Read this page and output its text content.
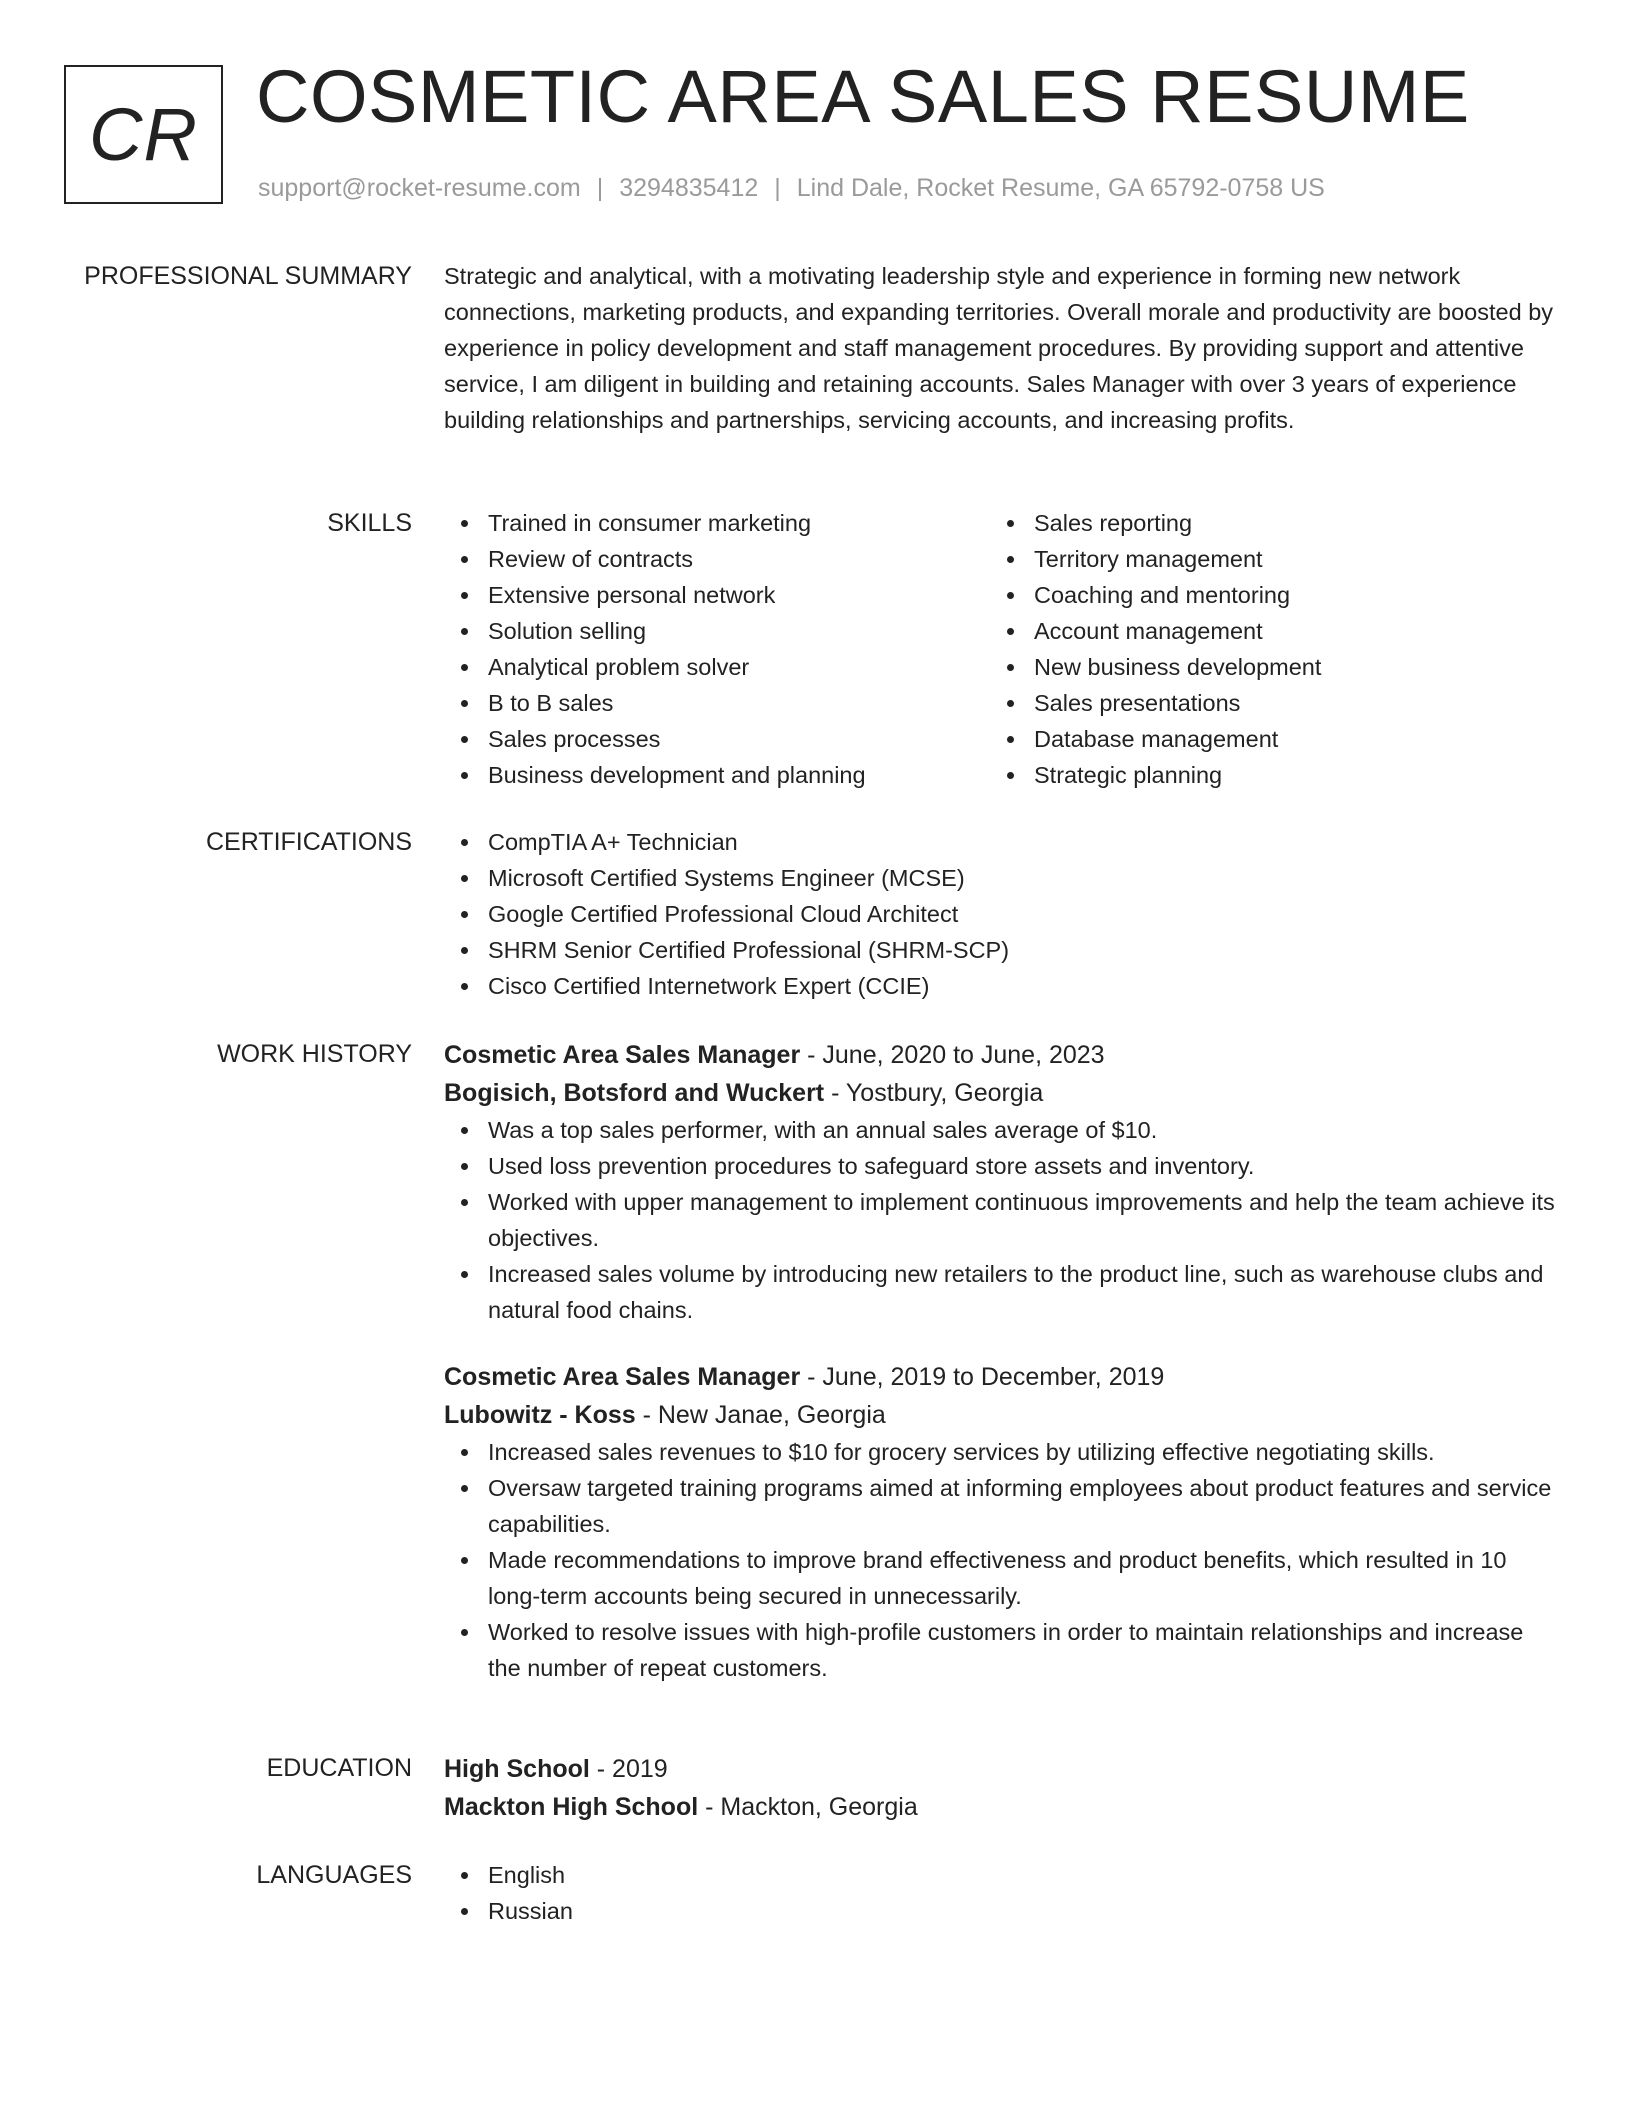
CR COSMETIC AREA SALES RESUME
support@rocket-resume.com | 3294835412 | Lind Dale, Rocket Resume, GA 65792-0758 US
PROFESSIONAL SUMMARY Strategic and analytical, with a motivating leadership style and experience in forming new network connections, marketing products, and expanding territories. Overall morale and productivity are boosted by experience in policy development and staff management procedures. By providing support and attentive service, I am diligent in building and retaining accounts. Sales Manager with over 3 years of experience building relationships and partnerships, servicing accounts, and increasing profits.

SKILLS	Trained in consumer marketing
Review of contracts
Extensive personal network
Solution selling
Analytical problem solver
B to B sales
Sales processes
Business development and planning
Sales reporting
Territory management
Coaching and mentoring
Account management
New business development
Sales presentations
Database management
Strategic planning
CERTIFICATIONS	CompTIA A+ Technician
Microsoft Certified Systems Engineer (MCSE)
Google Certified Professional Cloud Architect
SHRM Senior Certified Professional (SHRM-SCP)
Cisco Certified Internetwork Expert (CCIE)
WORK HISTORY Cosmetic Area Sales Manager - June, 2020 to June, 2023
Bogisich, Botsford and Wuckert - Yostbury, Georgia
Was a top sales performer, with an annual sales average of $10.
Used loss prevention procedures to safeguard store assets and inventory.
Worked with upper management to implement continuous improvements and help the team achieve its objectives.
Increased sales volume by introducing new retailers to the product line, such as warehouse clubs and natural food chains.
Cosmetic Area Sales Manager - June, 2019 to December, 2019
Lubowitz - Koss - New Janae, Georgia
Increased sales revenues to $10 for grocery services by utilizing effective negotiating skills.
Oversaw targeted training programs aimed at informing employees about product features and service capabilities.
Made recommendations to improve brand effectiveness and product benefits, which resulted in 10 long-term accounts being secured in unnecessarily.
Worked to resolve issues with high-profile customers in order to maintain relationships and increase the number of repeat customers.
EDUCATION High School - 2019
Mackton High School - Mackton, Georgia
LANGUAGES	English
Russian
